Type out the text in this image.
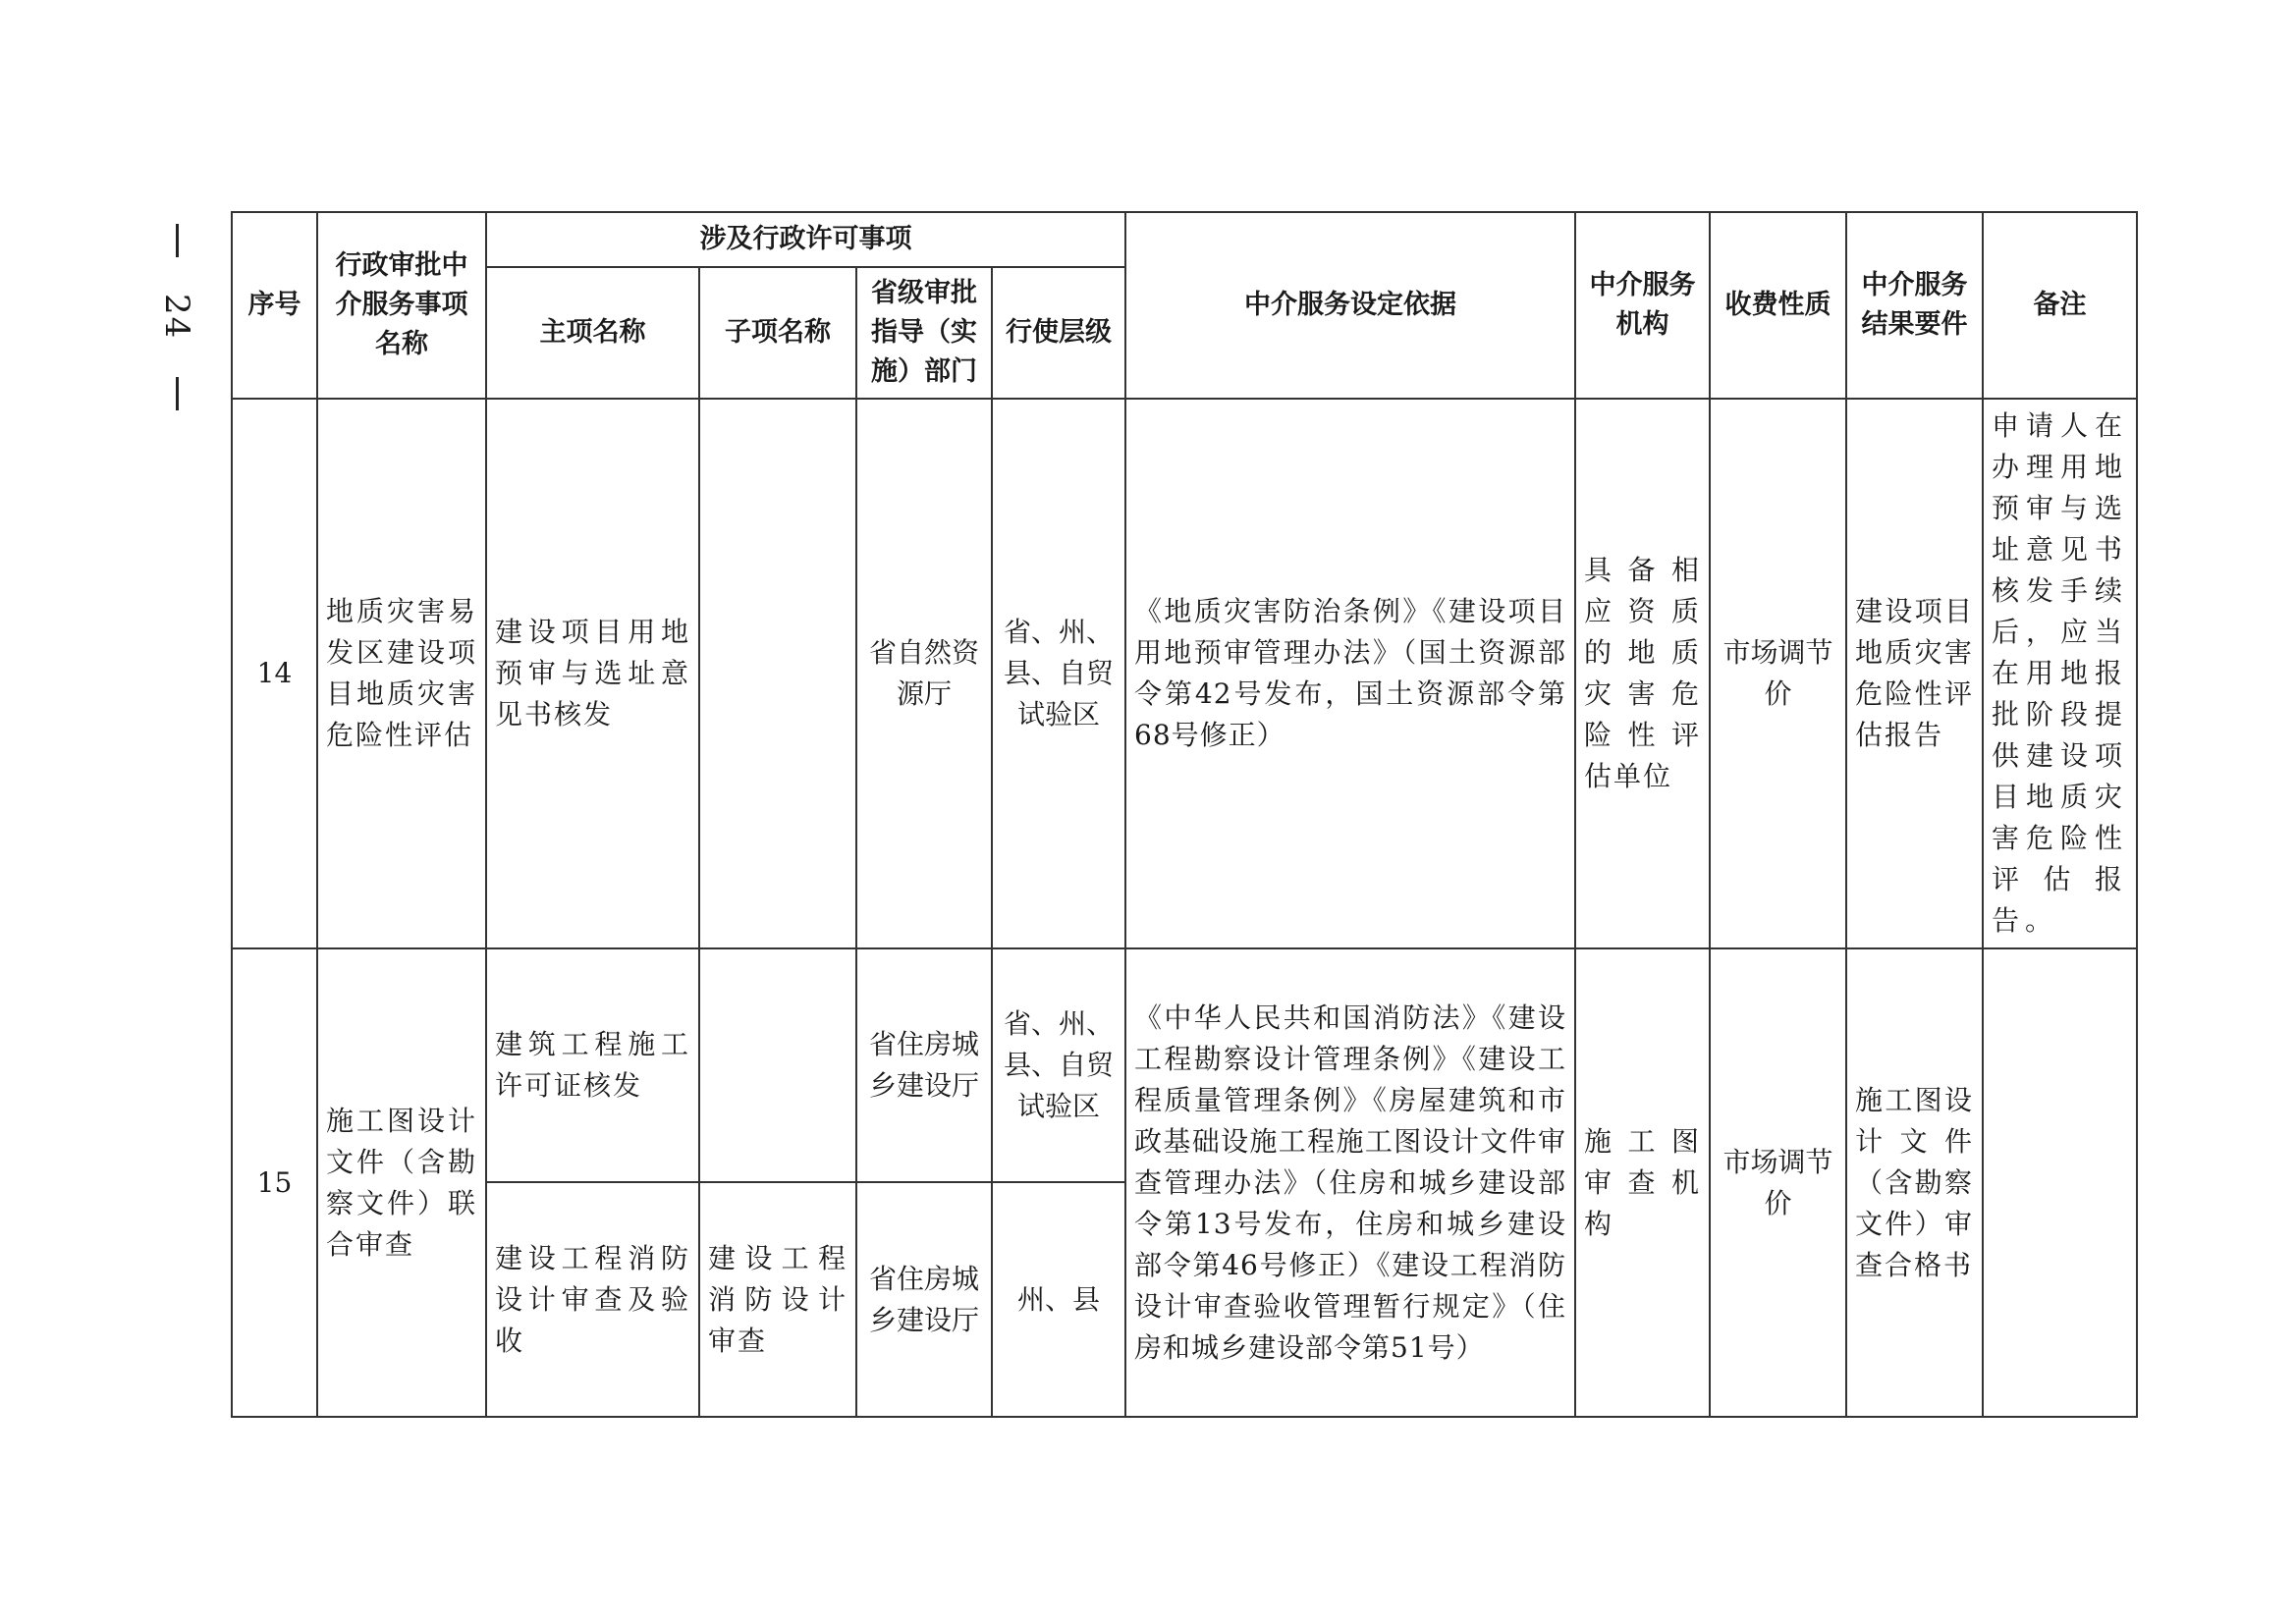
24 序号	行政审批中介服务事项名称	涉及行政许可事项				中介服务设定依据	中介服务机构	收费性质	中介服务结果要件	备注
		主项名称	子项名称	省级审批指导（实施）部门	行使层级					
14	地质灾害易发区建设项目地质灾害危险性评估	建设项目用地预审与选址意见书核发		省自然资源厅	省、州、县、自贸试验区	《地质灾害防治条例》《建设项目用地预审管理办法》（国土资源部令第42号发布，国土资源部令第68号修正）	具备相应资质的地质灾害危险性评估单位	市场调节价	建设项目地质灾害危险性评估报告	申请人在办理用地预审与选址意见书核发手续后，应当在用地报批阶段提供建设项目地质灾害危险性评估报告。
15	施工图设计文件（含勘察文件）联合审查	建筑工程施工许可证核发		省住房城乡建设厅	省、州、县、自贸试验区	《中华人民共和国消防法》《建设工程勘察设计管理条例》《建设工程质量管理条例》《房屋建筑和市政基础设施工程施工图设计文件审查管理办法》（住房和城乡建设部令第13号发布，住房和城乡建设部令第46号修正）《建设工程消防设计审查验收管理暂行规定》（住房和城乡建设部令第51号）	施工图审查机构	市场调节价	施工图设计文件（含勘察文件）审查合格书	
		建设工程消防设计审查及验收	建设工程消防设计审查	省住房城乡建设厅	州、县					
